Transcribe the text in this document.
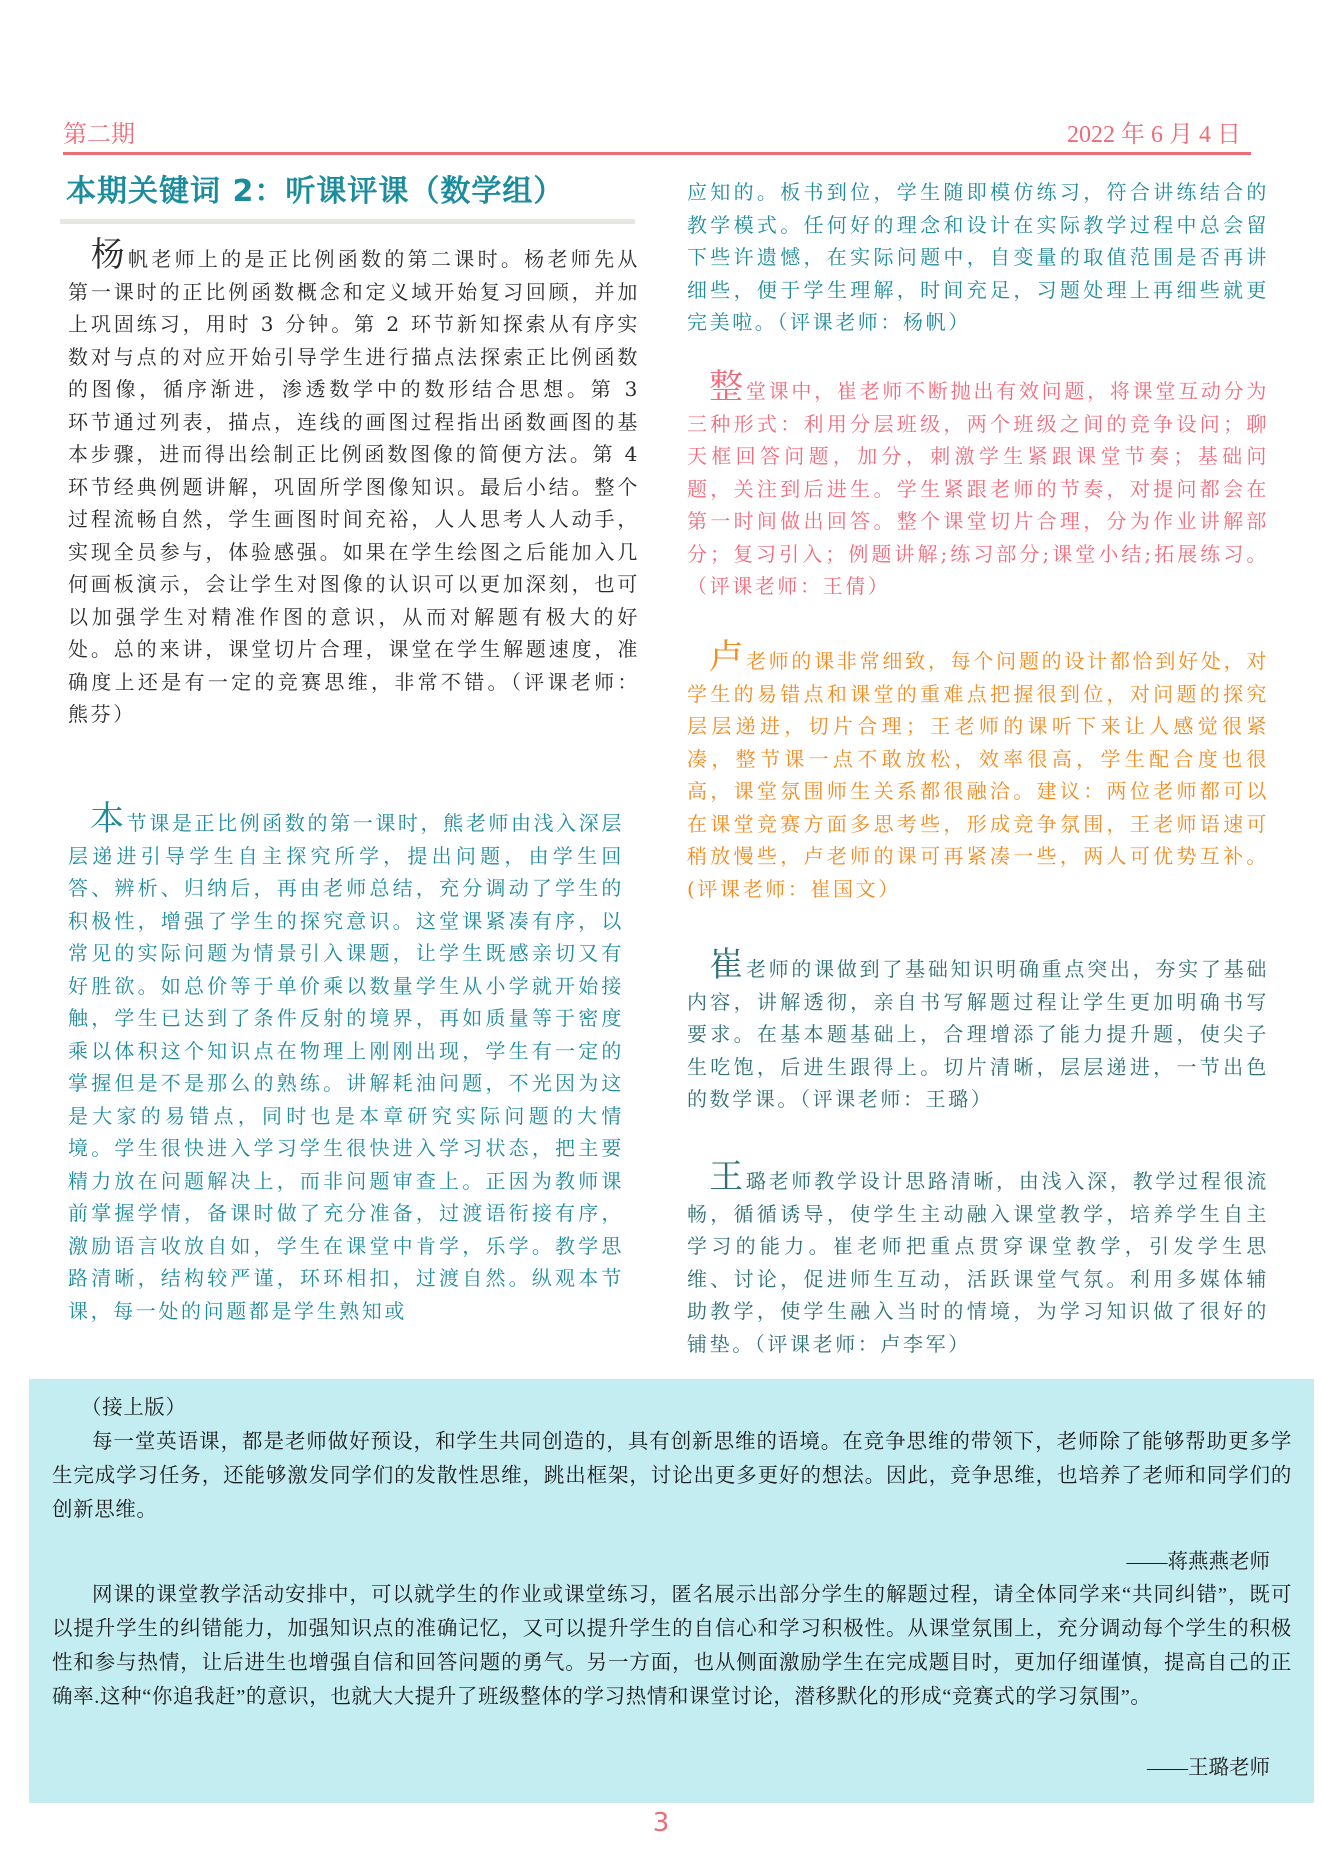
第二期	2022 年 6 月 4 日
本期关键词 2：听课评课（数学组）

杨帆老师上的是正比例函数的第二课时。杨老师先从第一课时的正比例函数概念和定义域开始复习回顾，并加上巩固练习，用时 3 分钟。第 2 环节新知探索从有序实数对与点的对应开始引导学生进行描点法探索正比例函数的图像，循序渐进，渗透数学中的数形结合思想。第 3 环节通过列表，描点，连线的画图过程指出函数画图的基本步骤，进而得出绘制正比例函数图像的简便方法。第 4 环节经典例题讲解，巩固所学图像知识。最后小结。整个过程流畅自然，学生画图时间充裕，人人思考人人动手，实现全员参与，体验感强。如果在学生绘图之后能加入几何画板演示，会让学生对图像的认识可以更加深刻，也可以加强学生对精准作图的意识，从而对解题有极大的好处。总的来讲，课堂切片合理，课堂在学生解题速度，准确度上还是有一定的竞赛思维，非常不错。（评课老师：熊芬）

本节课是正比例函数的第一课时，熊老师由浅入深层层递进引导学生自主探究所学，提出问题，由学生回答、辨析、归纳后，再由老师总结，充分调动了学生的积极性，增强了学生的探究意识。这堂课紧凑有序，以常见的实际问题为情景引入课题，让学生既感亲切又有好胜欲。如总价等于单价乘以数量学生从小学就开始接触，学生已达到了条件反射的境界，再如质量等于密度乘以体积这个知识点在物理上刚刚出现，学生有一定的掌握但是不是那么的熟练。讲解耗油问题，不光因为这是大家的易错点，同时也是本章研究实际问题的大情境。学生很快进入学习学生很快进入学习状态，把主要精力放在问题解决上，而非问题审查上。正因为教师课前掌握学情，备课时做了充分准备，过渡语衔接有序，激励语言收放自如，学生在课堂中肯学，乐学。教学思路清晰，结构较严谨，环环相扣，过渡自然。纵观本节课，每一处的问题都是学生熟知或

应知的。板书到位，学生随即模仿练习，符合讲练结合的教学模式。任何好的理念和设计在实际教学过程中总会留下些许遗憾，在实际问题中，自变量的取值范围是否再讲细些，便于学生理解，时间充足，习题处理上再细些就更完美啦。（评课老师：杨帆）

整堂课中，崔老师不断抛出有效问题，将课堂互动分为三种形式：利用分层班级，两个班级之间的竞争设问；聊天框回答问题，加分，刺激学生紧跟课堂节奏；基础问题，关注到后进生。学生紧跟老师的节奏，对提问都会在第一时间做出回答。整个课堂切片合理，分为作业讲解部分；复习引入；例题讲解;练习部分;课堂小结;拓展练习。（评课老师：王倩）

卢老师的课非常细致，每个问题的设计都恰到好处，对学生的易错点和课堂的重难点把握很到位，对问题的探究层层递进，切片合理；王老师的课听下来让人感觉很紧凑，整节课一点不敢放松，效率很高，学生配合度也很高，课堂氛围师生关系都很融洽。建议：两位老师都可以在课堂竞赛方面多思考些，形成竞争氛围，王老师语速可稍放慢些，卢老师的课可再紧凑一些，两人可优势互补。(评课老师：崔国文）

崔老师的课做到了基础知识明确重点突出，夯实了基础内容，讲解透彻，亲自书写解题过程让学生更加明确书写要求。在基本题基础上，合理增添了能力提升题，使尖子生吃饱，后进生跟得上。切片清晰，层层递进，一节出色的数学课。（评课老师：王璐）

王璐老师教学设计思路清晰，由浅入深，教学过程很流畅，循循诱导，使学生主动融入课堂教学，培养学生自主学习的能力。崔老师把重点贯穿课堂教学，引发学生思维、讨论，促进师生互动，活跃课堂气氛。利用多媒体辅助教学，使学生融入当时的情境，为学习知识做了很好的铺垫。（评课老师：卢李军）

（接上版）
每一堂英语课，都是老师做好预设，和学生共同创造的，具有创新思维的语境。在竞争思维的带领下，老师除了能够帮助更多学生完成学习任务，还能够激发同学们的发散性思维，跳出框架，讨论出更多更好的想法。因此，竞争思维，也培养了老师和同学们的创新思维。
——蒋燕燕老师
网课的课堂教学活动安排中，可以就学生的作业或课堂练习，匿名展示出部分学生的解题过程，请全体同学来“共同纠错”，既可以提升学生的纠错能力，加强知识点的准确记忆，又可以提升学生的自信心和学习积极性。从课堂氛围上，充分调动每个学生的积极性和参与热情，让后进生也增强自信和回答问题的勇气。另一方面，也从侧面激励学生在完成题目时，更加仔细谨慎，提高自己的正确率.这种“你追我赶”的意识，也就大大提升了班级整体的学习热情和课堂讨论，潜移默化的形成“竞赛式的学习氛围”。
——王璐老师
3
